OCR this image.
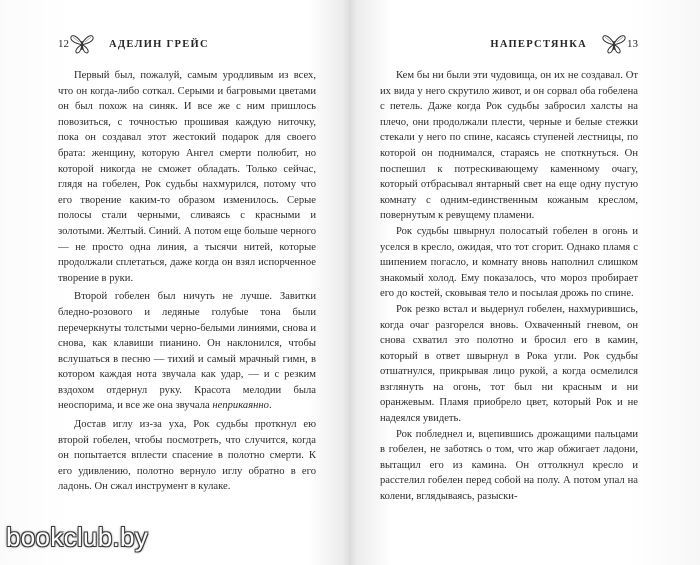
12	АДЕЛИН ГРЕЙС

Первый был, пожалуй, самым уродливым из всех, что он когда-либо соткал. Серыми и багровыми цветами он был похож на синяк. И все же с ним пришлось повозиться, с точностью прошивая каждую ниточку, пока он создавал этот жестокий подарок для своего брата: женщину, которую Ангел смерти полюбит, но которой никогда не сможет обладать. Только сейчас, глядя на гобелен, Рок судьбы нахмурился, потому что его творение каким-то образом изменилось. Серые полосы стали черными, сливаясь с красными и золотыми. Желтый. Синий. А потом еще больше черного — не просто одна линия, а тысячи нитей, которые продолжали сплетаться, даже когда он взял испорченное творение в руки.

Второй гобелен был ничуть не лучше. Завитки бледно-розового и ледяные голубые тона были перечеркнуты толстыми черно-белыми линиями, снова и снова, как клавиши пианино. Он наклонился, чтобы вслушаться в песню — тихий и самый мрачный гимн, в котором каждая нота звучала как удар, — и с резким вздохом отдернул руку. Красота мелодии была неоспорима, и все же она звучала неприкаянно.

Достав иглу из-за уха, Рок судьбы проткнул ею второй гобелен, чтобы посмотреть, что случится, когда он попытается вплести спасение в полотно смерти. К его удивлению, полотно вернуло иглу обратно в его ладонь. Он сжал инструмент в кулаке.

НАПЕРСТЯНКА	13

Кем бы ни были эти чудовища, он их не создавал. От их вида у него скрутило живот, и он сорвал оба гобелена с петель. Даже когда Рок судьбы забросил халсты на плечо, они продолжали плести, черные и белые стежки стекали у него по спине, касаясь ступеней лестницы, по которой он поднимался, стараясь не споткнуться. Он поспешил к потрескивающему каменному очагу, который отбрасывал янтарный свет на еще одну пустую комнату с одним-единственным кожаным креслом, повернутым к ревущему пламени.

Рок судьбы швырнул полосатый гобелен в огонь и уселся в кресло, ожидая, что тот сгорит. Однако пламя с шипением погасло, и комнату вновь наполнил слишком знакомый холод. Ему показалось, что мороз пробирает его до костей, сковывая тело и посылая дрожь по спине.

Рок резко встал и выдернул гобелен, нахмурившись, когда очаг разгорелся вновь. Охваченный гневом, он снова схватил это полотно и бросил его в камин, который в ответ швырнул в Рока угли. Рок судьбы отшатнулся, прикрывая лицо рукой, а когда осмелился взглянуть на огонь, тот был ни красным и ни оранжевым. Пламя приобрело цвет, который Рок и не надеялся увидеть.

Рок побледнел и, вцепившись дрожащими пальцами в гобелен, не заботясь о том, что жар обжигает ладони, вытащил его из камина. Он оттолкнул кресло и расстелил гобелен перед собой на полу. А потом упал на колени, вглядываясь, разыски-

bookclub.by
